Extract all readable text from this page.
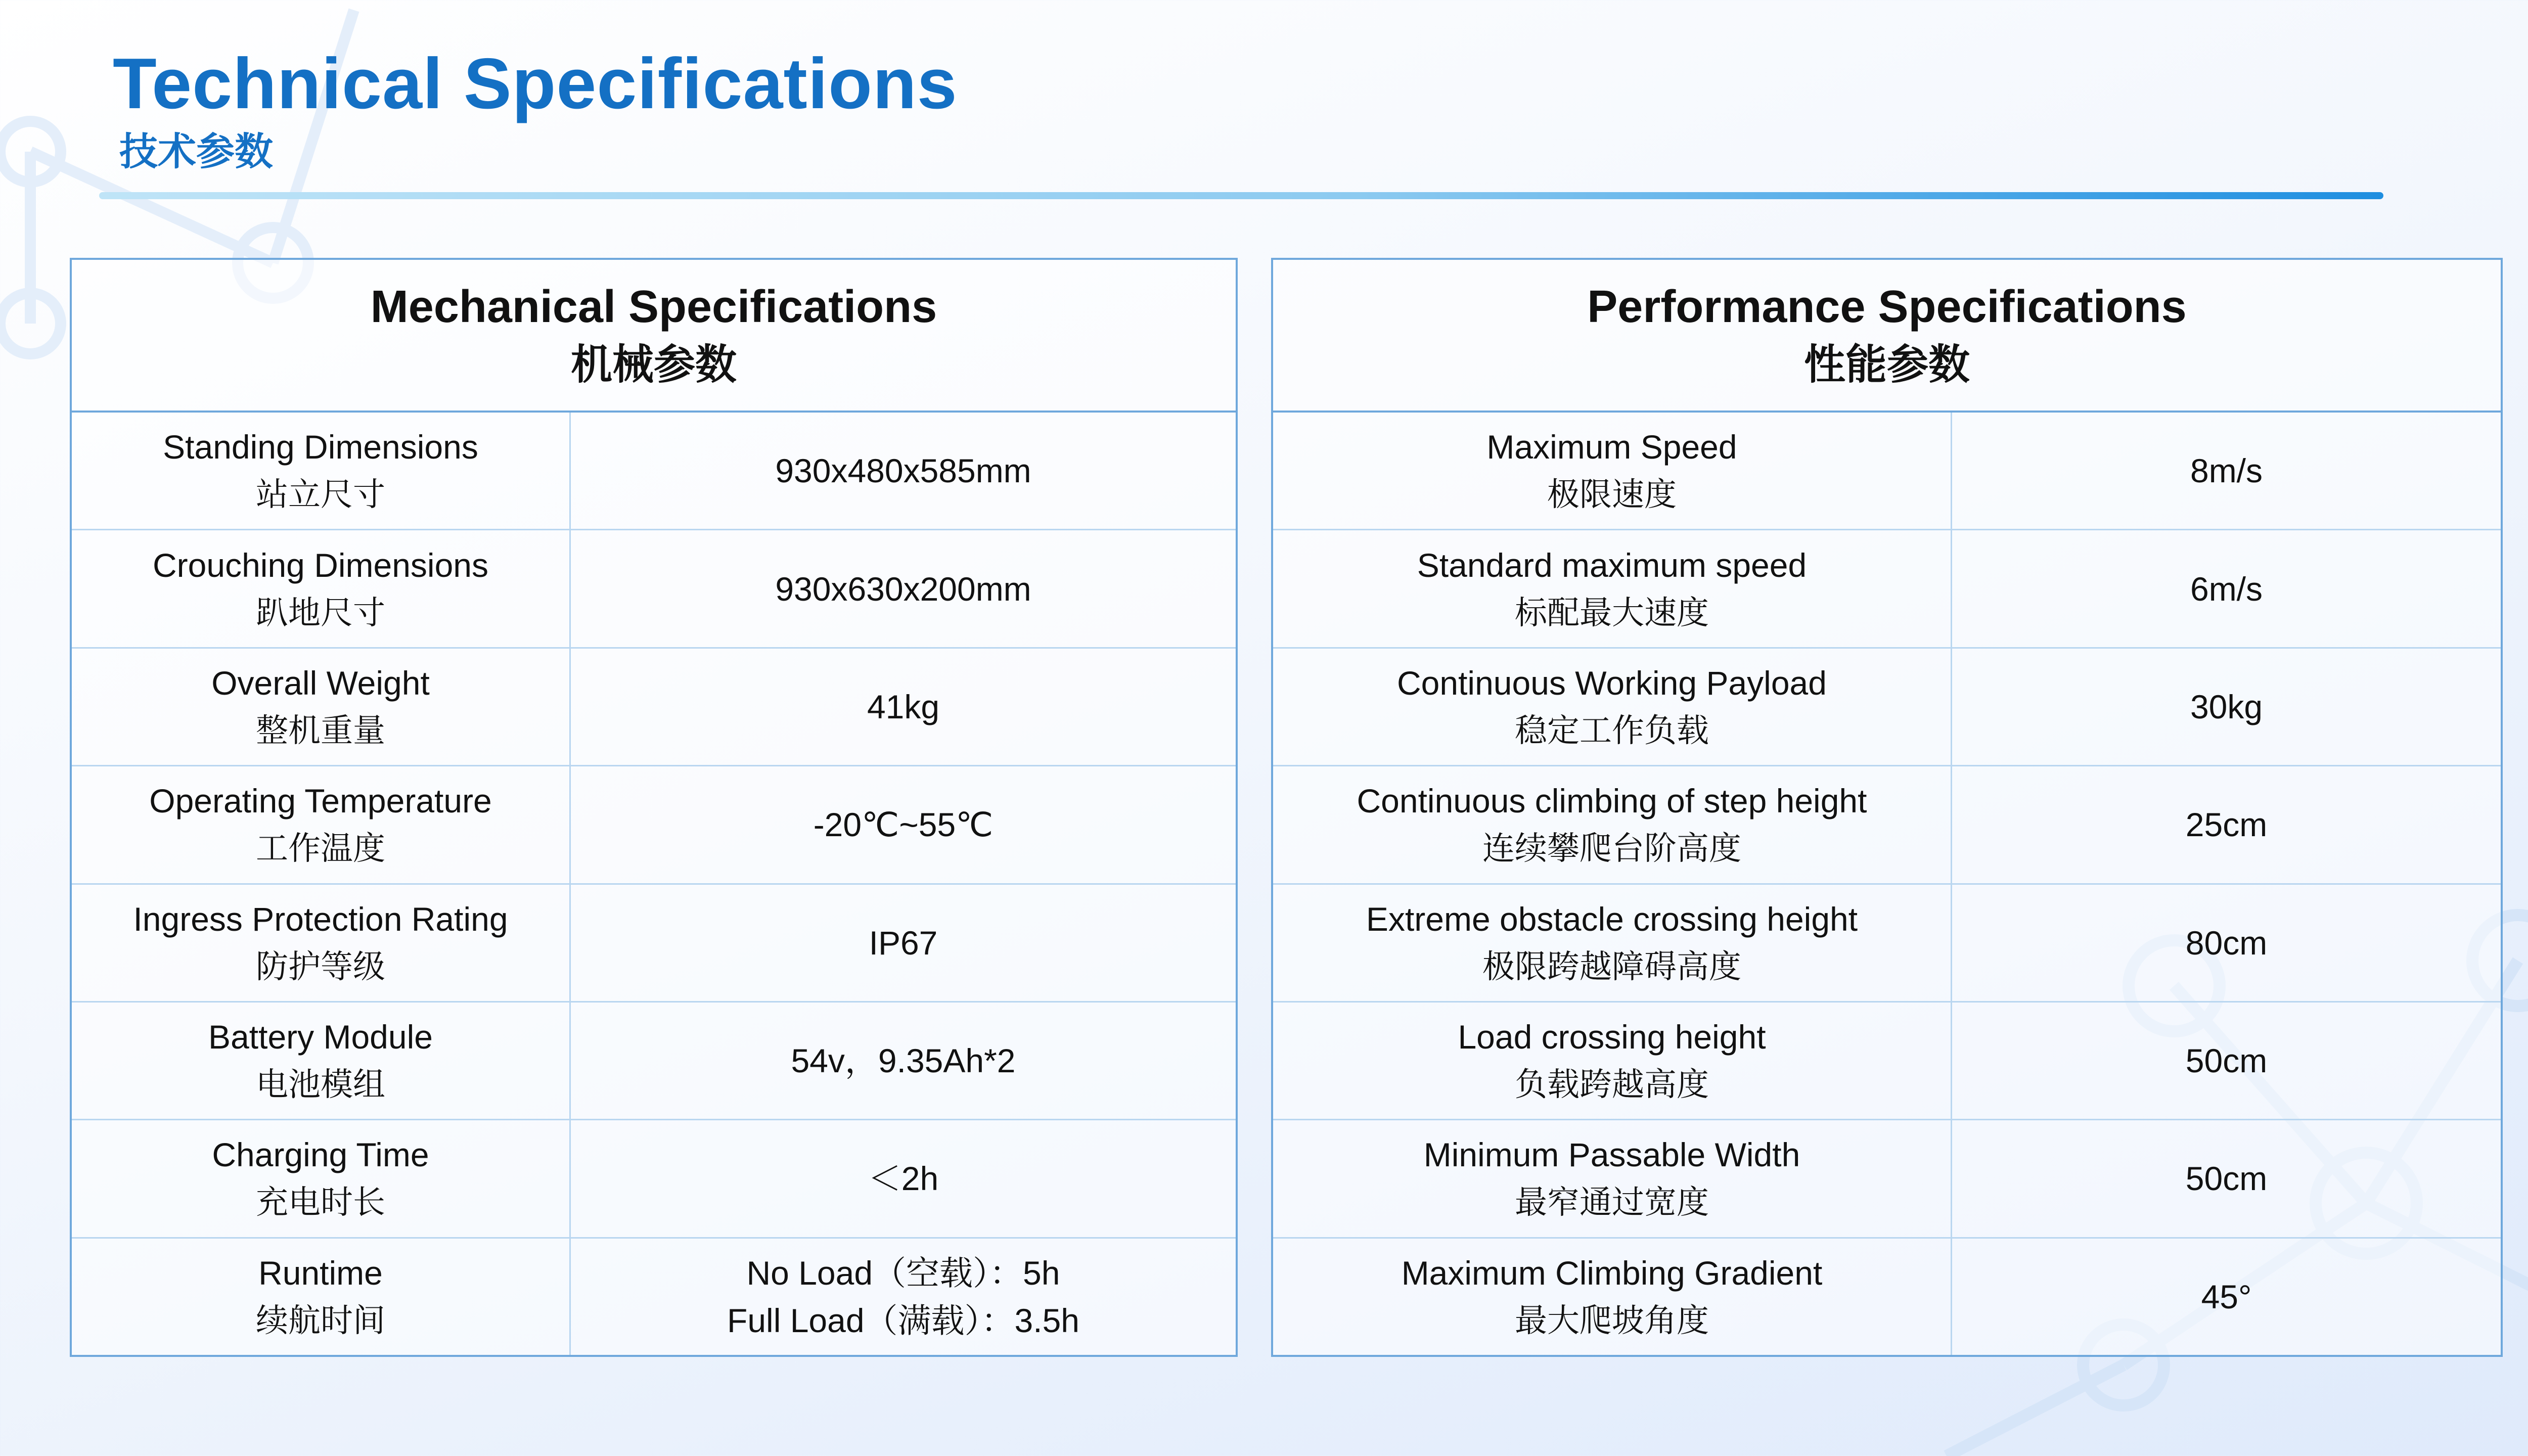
Technical Specifications
技术参数
Mechanical Specifications
机械参数
Standing Dimensions
站立尺寸
930x480x585mm
Crouching Dimensions
趴地尺寸
930x630x200mm
Overall Weight
整机重量
41kg
Operating Temperature
工作温度
-20℃~55℃
Ingress Protection Rating
防护等级
IP67
Battery Module
电池模组
54v，9.35Ah*2
Charging Time
充电时长
＜2h
Runtime
续航时间
No Load（空载）：5h
Full Load（满载）：3.5h
Performance Specifications
性能参数
Maximum Speed
极限速度
8m/s
Standard maximum speed
标配最大速度
6m/s
Continuous Working Payload
稳定工作负载
30kg
Continuous climbing of step height
连续攀爬台阶高度
25cm
Extreme obstacle crossing height
极限跨越障碍高度
80cm
Load crossing height
负载跨越高度
50cm
Minimum Passable Width
最窄通过宽度
50cm
Maximum Climbing Gradient
最大爬坡角度
45°
